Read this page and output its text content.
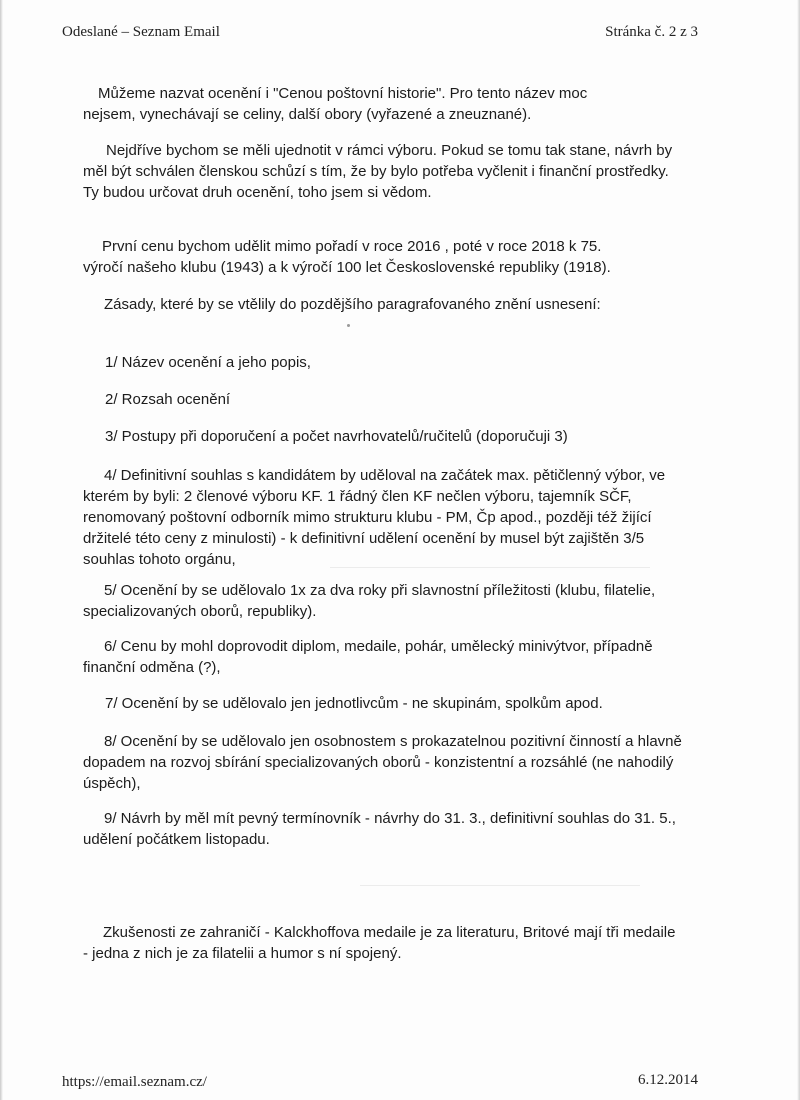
Odeslané – Seznam Email	Stránka č. 2 z 3

Můžeme nazvat ocenění i "Cenou poštovní historie". Pro tento název moc nejsem, vynechávají se celiny, další obory (vyřazené a zneuznané).

Nejdříve bychom se měli ujednotit v rámci výboru. Pokud se tomu tak stane, návrh by měl být schválen členskou schůzí s tím, že by bylo potřeba vyčlenit i finanční prostředky. Ty budou určovat druh ocenění, toho jsem si vědom.

První cenu bychom udělit mimo pořadí v roce 2016 , poté v roce 2018 k 75. výročí našeho klubu (1943) a k výročí 100 let Československé republiky (1918).

Zásady, které by se vtělily do pozdějšího paragrafovaného znění usnesení:

1/ Název ocenění a jeho popis,

2/ Rozsah ocenění

3/ Postupy při doporučení a počet navrhovatelů/ručitelů (doporučuji 3)

4/ Definitivní souhlas s kandidátem by uděloval na začátek max. pětičlenný výbor, ve kterém by byli: 2 členové výboru KF. 1 řádný člen KF nečlen výboru, tajemník SČF, renomovaný poštovní odborník mimo strukturu klubu - PM, Čp apod., později též žijící držitelé této ceny z minulosti) - k definitivní udělení ocenění by musel být zajištěn 3/5 souhlas tohoto orgánu,

5/ Ocenění by se udělovalo 1x za dva roky při slavnostní příležitosti (klubu, filatelie, specializovaných oborů, republiky).

6/ Cenu by mohl doprovodit diplom, medaile, pohár, umělecký minivýtvor, případně finanční odměna (?),

7/ Ocenění by se udělovalo jen jednotlivcům - ne skupinám, spolkům apod.

8/ Ocenění by se udělovalo jen osobnostem s prokazatelnou pozitivní činností a hlavně dopadem na rozvoj sbírání specializovaných oborů - konzistentní a rozsáhlé (ne nahodilý úspěch),

9/ Návrh by měl mít pevný termínovník - návrhy do 31. 3., definitivní souhlas do 31. 5., udělení počátkem listopadu.

Zkušenosti ze zahraničí - Kalckhoffova medaile je za literaturu, Britové mají tři medaile - jedna z nich je za filatelii a humor s ní spojený.

https://email.seznam.cz/	6.12.2014
